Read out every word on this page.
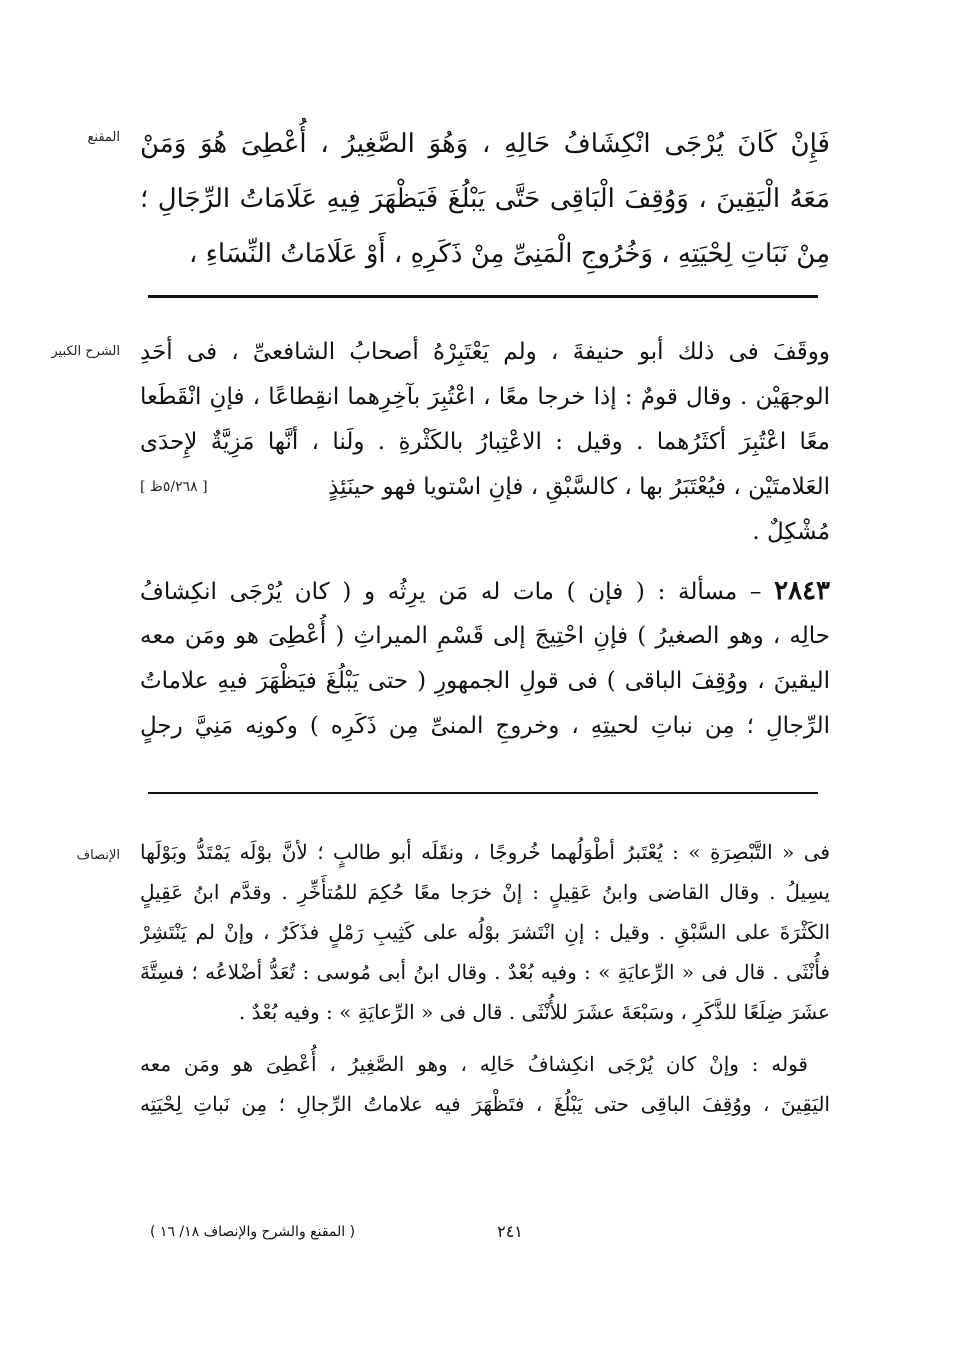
المقنع فَإِنْ كَانَ يُرْجَى انْكِشَافُ حَالِهِ ، وَهُوَ الصَّغِيرُ ، أُعْطِىَ هُوَ وَمَنْ
مَعَهُ الْيَقِينَ ، وَوُقِفَ الْبَاقِى حَتَّى يَبْلُغَ فَيَظْهَرَ فِيهِ عَلَامَاتُ الرِّجَالِ ؛
مِنْ نَبَاتِ لِحْيَتِهِ ، وَخُرُوجِ الْمَنِىِّ مِنْ ذَكَرِهِ ، أَوْ عَلَامَاتُ النِّسَاءِ ،
الشرح الكبير ووقَفَ فى ذلك أبو حنيفةَ ، ولم يَعْتَبِرْهُ أصحابُ الشافعىِّ ، فى أحَدِ
الوجهَيْن . وقال قومٌ : إذا خرجا معًا ، اعْتُبِرَ بآخِرِهما انقِطاعًا ، فإنِ انْقَطَعا
معًا اعْتُبِرَ أكثَرُهما . وقيل : الاعْتِبارُ بالكَثْرةِ . ولَنا ، أنَّها مَزِيَّةٌ لإِحدَى
العَلامتَيْن ، فيُعْتَبَرُ بها ، كالسَّبْقِ ، فإنِ اسْتويا فهو حينَئِذٍ
[ ٥/٢٦٨ظ ]
مُشْكِلٌ .
٢٨٤٣ – مسألة : ( فإن ) مات له مَن يرِثُه و ( كان يُرْجَى انكِشافُ
حالِه ، وهو الصغيرُ ) فإنِ احْتِيجَ إلى قَسْمِ الميراثِ ( أُعْطِىَ هو ومَن معه
اليقينَ ، ووُقِفَ الباقى ) فى قولِ الجمهورِ ( حتى يَبْلُغَ فيَظْهَرَ فيهِ علاماتُ
الرِّجالِ ؛ مِن نباتِ لحيتِهِ ، وخروجِ المنىِّ مِن ذَكَرِه ) وكونِه مَنِيَّ رجلٍ
الإنصاف فى « التَّبْصِرَةِ » : يُعْتَبرُ أطْوَلُهما خُروجًا ، ونقَلَه أبو طالبٍ ؛ لأنَّ بوْلَه يَمْتَدُّ وبَوْلَها
يسِيلُ . وقال القاضى وابنُ عَقِيلٍ : إنْ خرَجا معًا حُكِمَ للمُتأَخِّرِ . وقدَّم ابنُ عَقِيلٍ
الكَثْرَةَ على السَّبْقِ . وقيل : إنِ انْتَشرَ بوْلُه على كَثِيبِ رَمْلٍ فذَكَرٌ ، وإنْ لم يَنْتَشِرْ
فأُنْثَى . قال فى « الرِّعايَةِ » : وفيه بُعْدٌ . وقال ابنُ أبى مُوسى : تُعَدُّ أضْلاعُه ؛ فسِتَّةَ
عشَرَ ضِلَعًا للذَّكَرِ ، وسَبْعَةَ عشَرَ للأُنْثَى . قال فى « الرِّعايَةِ » : وفيه بُعْدٌ .
قوله : وإنْ كان يُرْجَى انكِشافُ حَالِه ، وهو الصَّغِيرُ ، أُعْطِىَ هو ومَن معه
اليَقِينَ ، ووُقِفَ الباقِى حتى يَبْلُغَ ، فتَظْهَرَ فيه علاماتُ الرِّجالِ ؛ مِن نَباتِ لِحْيَتِه
٢٤١
( المقنع والشرح والإنصاف ١٨/ ١٦ )
